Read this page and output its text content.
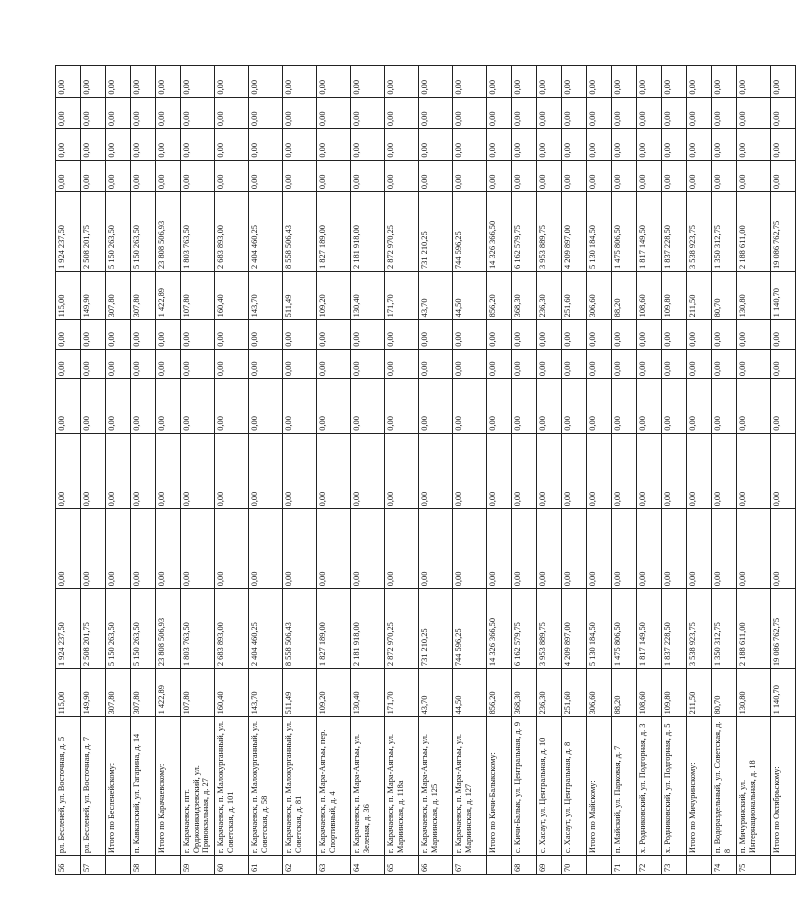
56	рл. Бесленей, ул. Восточная, д. 5	115,00	1 924 237,50	0,00	0,00	0,00	0,00	0,00	115,00	1 924 237,50	0,00	0,00	0,00	0,00
57	рл. Бесленей, ул. Восточная, д. 7	149,90	2 508 201,75	0,00	0,00	0,00	0,00	0,00	149,90	2 508 201,75	0,00	0,00	0,00	0,00
	Итого по Бесленейскому:	307,80	5 150 263,50	0,00	0,00	0,00	0,00	0,00	307,80	5 150 263,50	0,00	0,00	0,00	0,00
58	п. Кавказский, ул. Гагарина, д. 14	307,80	5 150 263,50	0,00	0,00	0,00	0,00	0,00	307,80	5 150 263,50	0,00	0,00	0,00	0,00
	Итого по Карачаевскому:	1 422,89	23 808 506,93	0,00	0,00	0,00	0,00	0,00	1 422,89	23 808 506,93	0,00	0,00	0,00	0,00
59	г. Карачаевск, пгт. Орджоникидзевский, ул. Привокзальная, д. 27	107,80	1 803 763,50	0,00	0,00	0,00	0,00	0,00	107,80	1 803 763,50	0,00	0,00	0,00	0,00
60	г. Карачаевск, п. Малокурганный, ул. Советская, д. 101	160,40	2 683 893,00	0,00	0,00	0,00	0,00	0,00	160,40	2 683 893,00	0,00	0,00	0,00	0,00
61	г. Карачаевск, п. Малокурганный, ул. Советская, д. 58	143,70	2 404 460,25	0,00	0,00	0,00	0,00	0,00	143,70	2 404 460,25	0,00	0,00	0,00	0,00
62	г. Карачаевск, п. Малокурганный, ул. Советская, д. 81	511,49	8 558 506,43	0,00	0,00	0,00	0,00	0,00	511,49	8 558 506,43	0,00	0,00	0,00	0,00
63	г. Карачаевск, п. Мара-Аягъы, пер. Спортивный, д. 4	109,20	1 827 189,00	0,00	0,00	0,00	0,00	0,00	109,20	1 827 189,00	0,00	0,00	0,00	0,00
64	г. Карачаевск, п. Мара-Аягъы, ул. Зеленая, д. 36	130,40	2 181 918,00	0,00	0,00	0,00	0,00	0,00	130,40	2 181 918,00	0,00	0,00	0,00	0,00
65	г. Карачаевск, п. Мара-Аягъы, ул. Мариинская, д. 118а	171,70	2 872 970,25	0,00	0,00	0,00	0,00	0,00	171,70	2 872 970,25	0,00	0,00	0,00	0,00
66	г. Карачаевск, п. Мара-Аягъы, ул. Мариинская, д. 125	43,70	731 210,25	0,00	0,00	0,00	0,00	0,00	43,70	731 210,25	0,00	0,00	0,00	0,00
67	г. Карачаевск, п. Мара-Аягъы, ул. Мариинская, д. 127	44,50	744 596,25	0,00	0,00	0,00	0,00	0,00	44,50	744 596,25	0,00	0,00	0,00	0,00
	Итого по Кичи-Балыкскому:	856,20	14 326 366,50	0,00	0,00	0,00	0,00	0,00	856,20	14 326 366,50	0,00	0,00	0,00	0,00
68	с. Кичи-Балык, ул. Центральная, д. 9	368,30	6 162 579,75	0,00	0,00	0,00	0,00	0,00	368,30	6 162 579,75	0,00	0,00	0,00	0,00
69	с. Хасаут, ул. Центральная, д. 10	236,30	3 953 889,75	0,00	0,00	0,00	0,00	0,00	236,30	3 953 889,75	0,00	0,00	0,00	0,00
70	с. Хасаут, ул. Центральная, д. 8	251,60	4 209 897,00	0,00	0,00	0,00	0,00	0,00	251,60	4 209 897,00	0,00	0,00	0,00	0,00
	Итого по Майскому:	306,60	5 130 184,50	0,00	0,00	0,00	0,00	0,00	306,60	5 130 184,50	0,00	0,00	0,00	0,00
71	п. Майский, ул. Парковая, д. 7	88,20	1 475 806,50	0,00	0,00	0,00	0,00	0,00	88,20	1 475 806,50	0,00	0,00	0,00	0,00
72	х. Родниковский, ул. Подгорная, д. 3	108,60	1 817 149,50	0,00	0,00	0,00	0,00	0,00	108,60	1 817 149,50	0,00	0,00	0,00	0,00
73	х. Родниковский, ул. Подгорная, д. 5	109,80	1 837 228,50	0,00	0,00	0,00	0,00	0,00	109,80	1 837 228,50	0,00	0,00	0,00	0,00
	Итого по Мичуринскому:	211,50	3 538 923,75	0,00	0,00	0,00	0,00	0,00	211,50	3 538 923,75	0,00	0,00	0,00	0,00
74	п. Водораздельный, ул. Советская, д. 8	80,70	1 350 312,75	0,00	0,00	0,00	0,00	0,00	80,70	1 350 312,75	0,00	0,00	0,00	0,00
75	п. Мичуринский, ул. Интернациональная, д. 18	130,80	2 188 611,00	0,00	0,00	0,00	0,00	0,00	130,80	2 188 611,00	0,00	0,00	0,00	0,00
	Итого по Октябрьскому:	1 140,70	19 086 762,75	0,00	0,00	0,00	0,00	0,00	1 140,70	19 086 762,75	0,00	0,00	0,00	0,00
